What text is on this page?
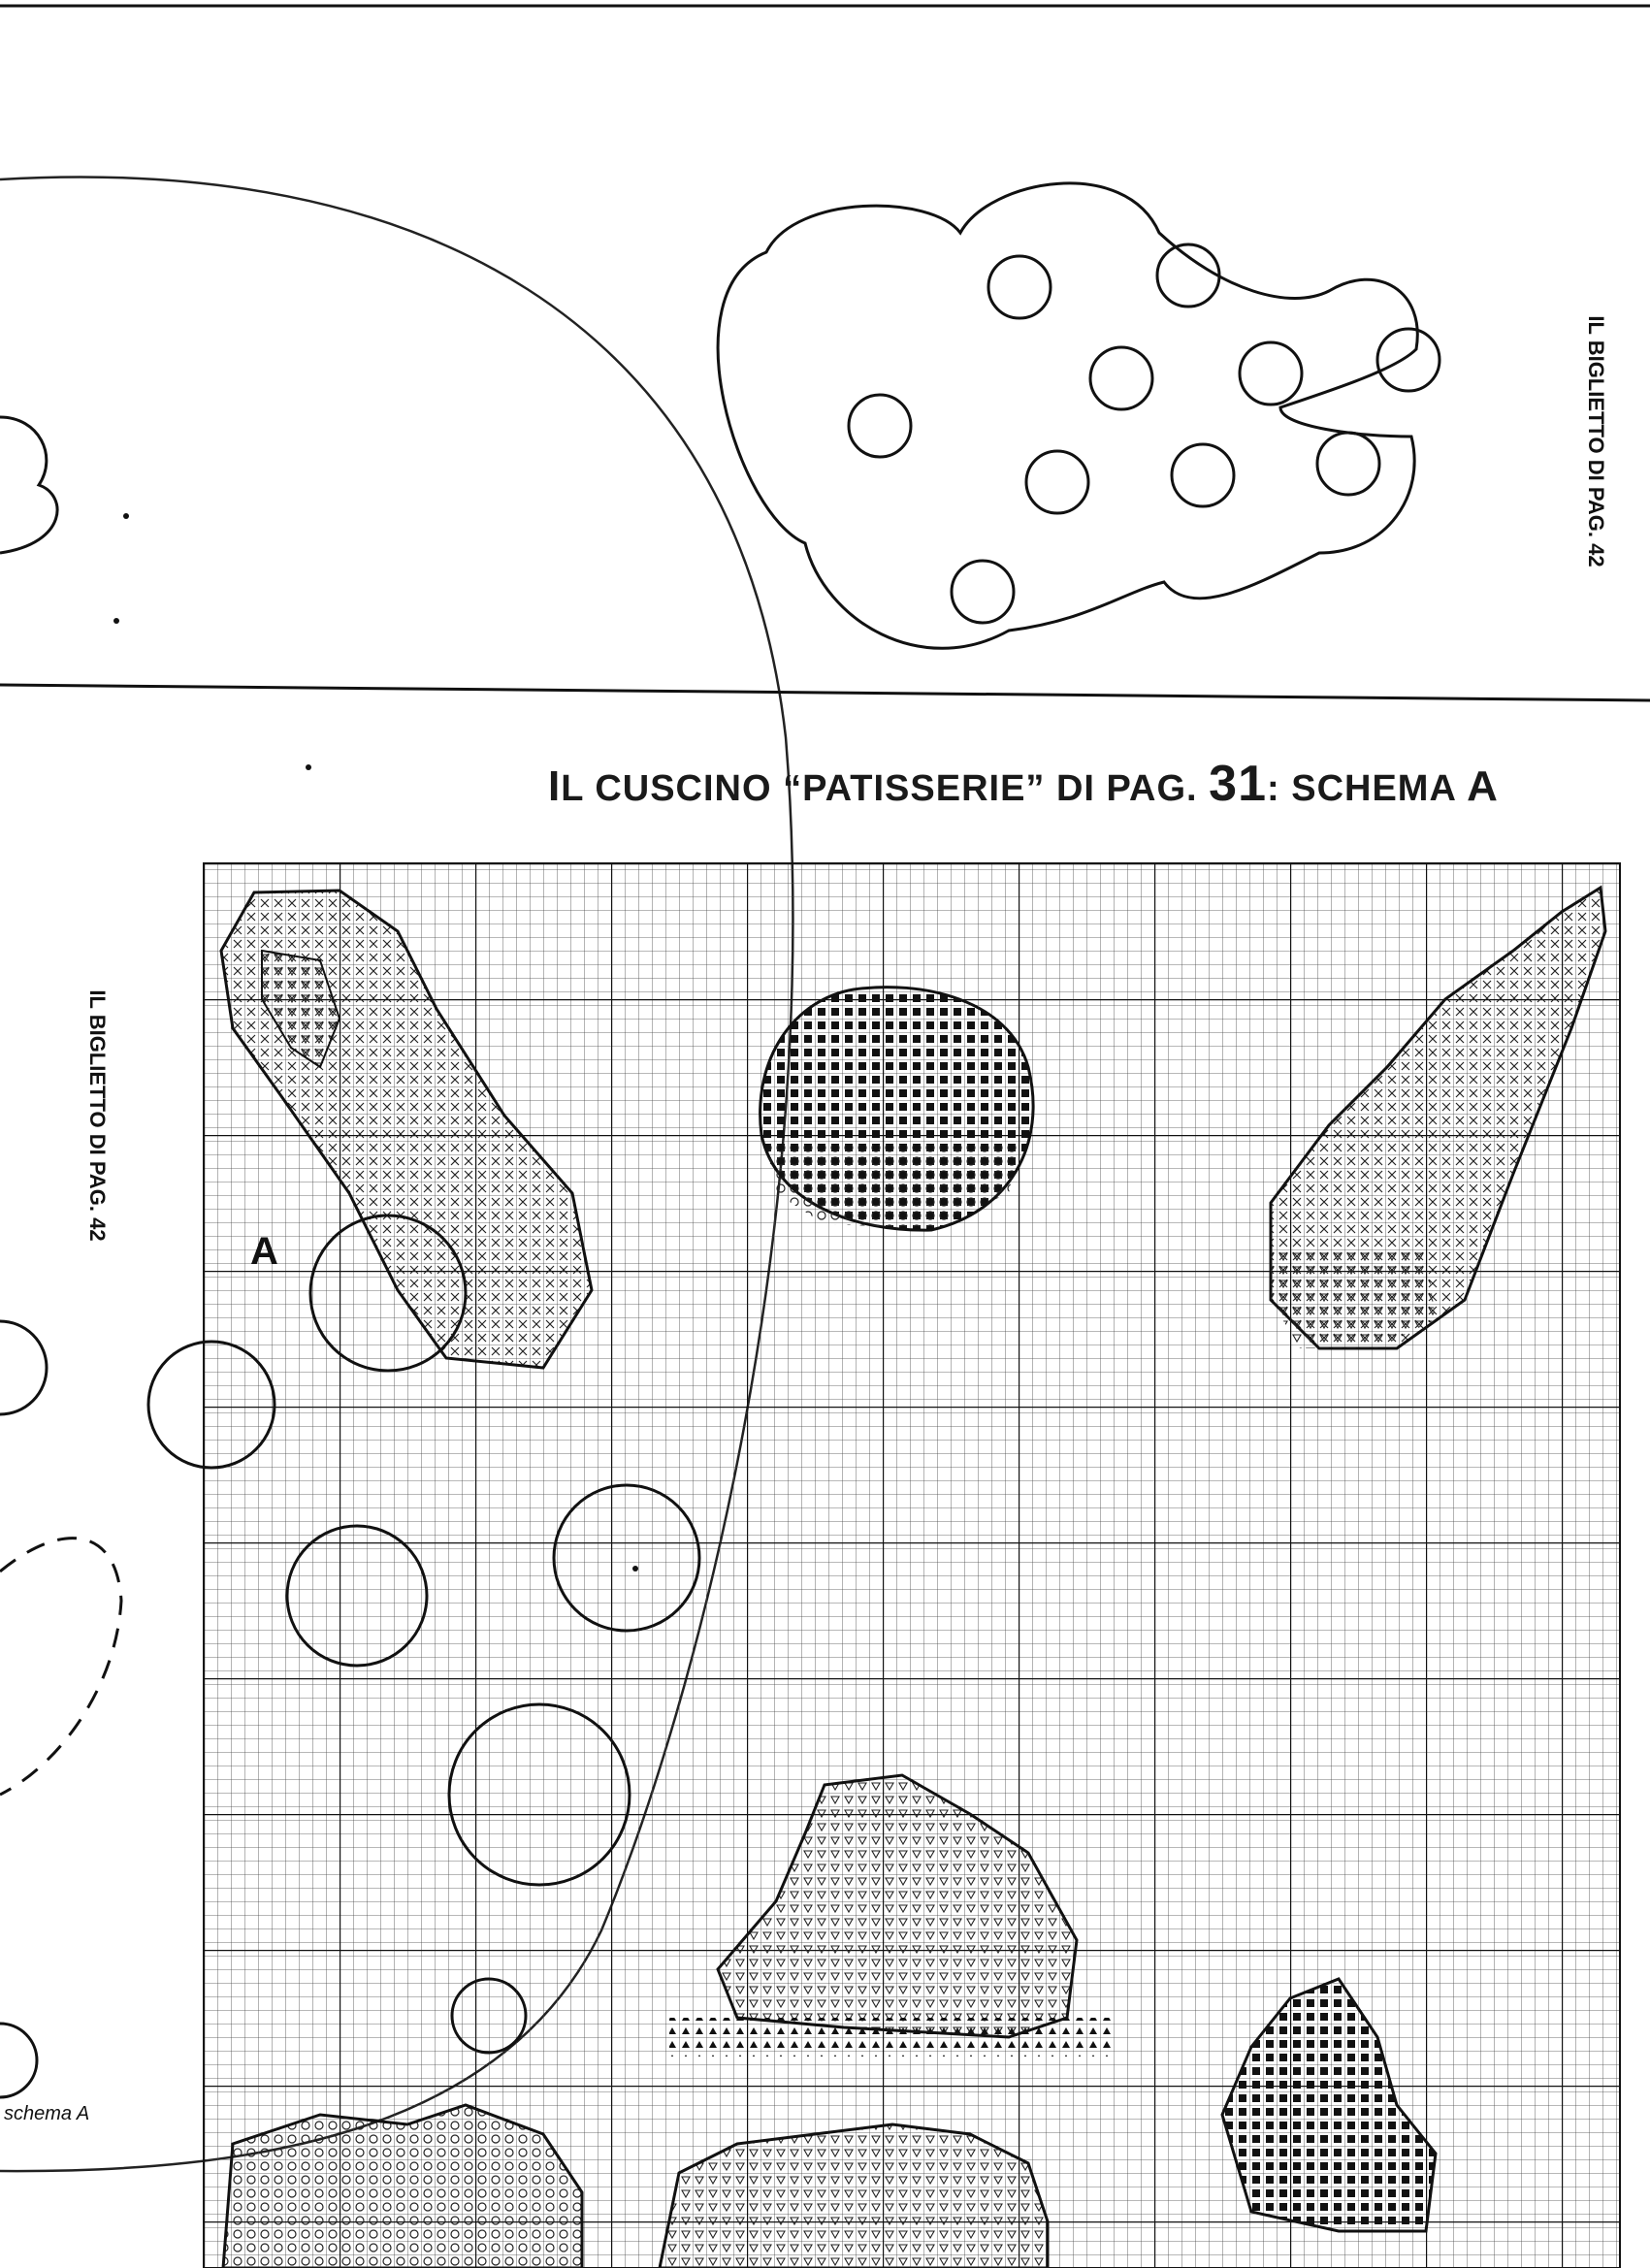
IL CUSCINO “PATISSERIE” DI PAG. 31: SCHEMA A
IL BIGLIETTO DI PAG. 42
IL BIGLIETTO DI PAG. 42
A
schema A
